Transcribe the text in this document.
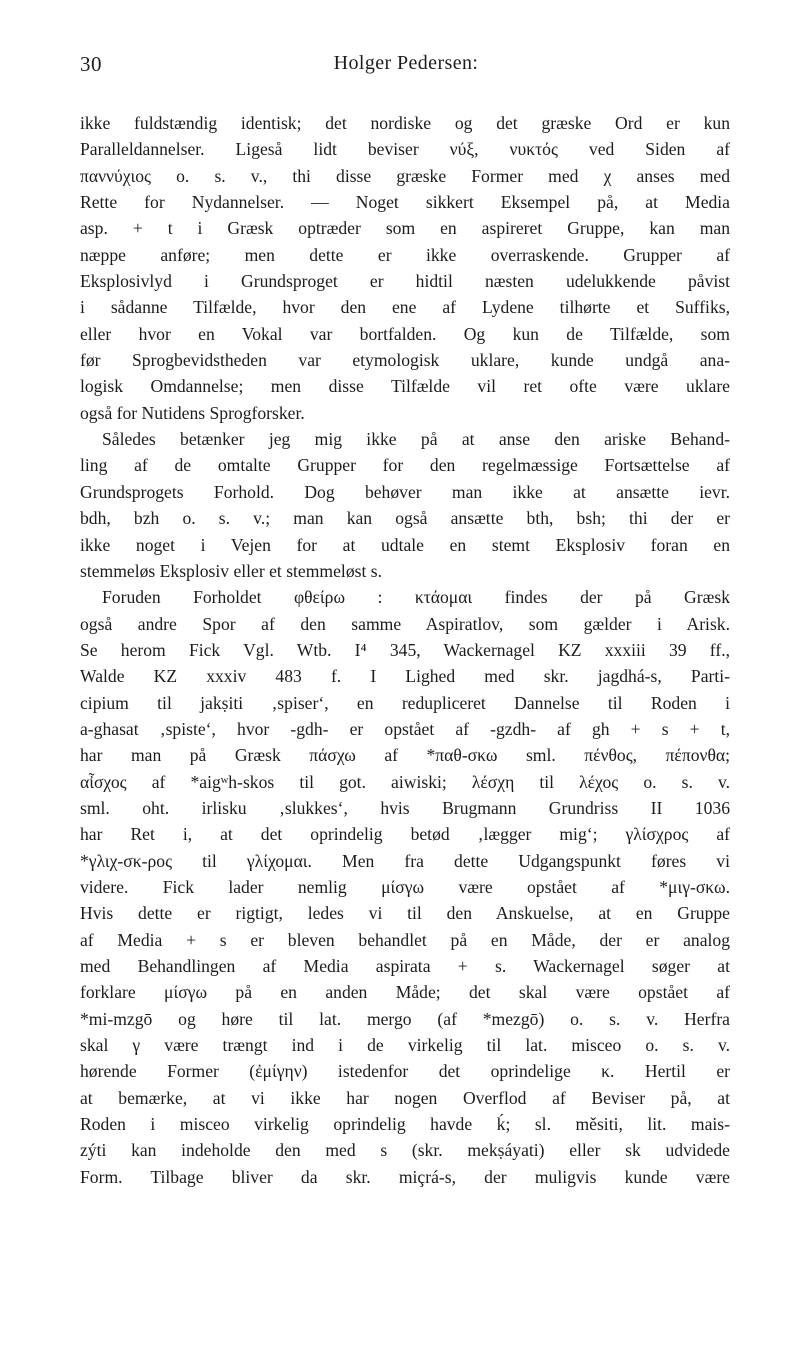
30	Holger Pedersen:
ikke fuldstændig identisk; det nordiske og det græske Ord er kun
Paralleldannelser. Ligeså lidt beviser νύξ, νυκτός ved Siden af
παννύχιος o. s. v., thi disse græske Former med χ anses med
Rette for Nydannelser. — Noget sikkert Eksempel på, at Media
asp. + t i Græsk optræder som en aspireret Gruppe, kan man
næppe anføre; men dette er ikke overraskende. Grupper af
Eksplosivlyd i Grundsproget er hidtil næsten udelukkende påvist
i sådanne Tilfælde, hvor den ene af Lydene tilhørte et Suffiks,
eller hvor en Vokal var bortfalden. Og kun de Tilfælde, som
før Sprogbevidstheden var etymologisk uklare, kunde undgå ana-
logisk Omdannelse; men disse Tilfælde vil ret ofte være uklare
også for Nutidens Sprogforsker.
Således betænker jeg mig ikke på at anse den ariske Behand-
ling af de omtalte Grupper for den regelmæssige Fortsættelse af
Grundsprogets Forhold. Dog behøver man ikke at ansætte ievr.
bdh, bzh o. s. v.; man kan også ansætte bth, bsh; thi der er
ikke noget i Vejen for at udtale en stemt Eksplosiv foran en
stemmeløs Eksplosiv eller et stemmeløst s.
Foruden Forholdet φθείρω : κτάομαι findes der på Græsk
også andre Spor af den samme Aspiratlov, som gælder i Arisk.
Se herom Fick Vgl. Wtb. I⁴ 345, Wackernagel KZ xxxiii 39 ff.,
Walde KZ xxxiv 483 f. I Lighed med skr. jagdhá-s, Parti-
cipium til jakṣiti ‚spiser‘, en redupliceret Dannelse til Roden i
a-ghasat ‚spiste‘, hvor -gdh- er opstået af -gzdh- af gh + s + t,
har man på Græsk πάσχω af *παθ-σκω sml. πένθος, πέπονθα;
αἶσχος af *aigʷh-skos til got. aiwiski; λέσχη til λέχος o. s. v.
sml. oht. irlisku ‚slukkes‘, hvis Brugmann Grundriss II 1036
har Ret i, at det oprindelig betød ‚lægger mig‘; γλίσχρος af
*γλιχ-σκ-ρος til γλίχομαι. Men fra dette Udgangspunkt føres vi
videre. Fick lader nemlig μίσγω være opstået af *μιγ-σκω.
Hvis dette er rigtigt, ledes vi til den Anskuelse, at en Gruppe
af Media + s er bleven behandlet på en Måde, der er analog
med Behandlingen af Media aspirata + s. Wackernagel søger at
forklare μίσγω på en anden Måde; det skal være opstået af
*mi-mzgō og høre til lat. mergo (af *mezgō) o. s. v. Herfra
skal γ være trængt ind i de virkelig til lat. misceo o. s. v.
hørende Former (ἐμίγην) istedenfor det oprindelige κ. Hertil er
at bemærke, at vi ikke har nogen Overflod af Beviser på, at
Roden i misceo virkelig oprindelig havde ḱ; sl. měsiti, lit. mais-
zýti kan indeholde den med s (skr. mekṣáyati) eller sk udvidede
Form. Tilbage bliver da skr. miçrá-s, der muligvis kunde være
